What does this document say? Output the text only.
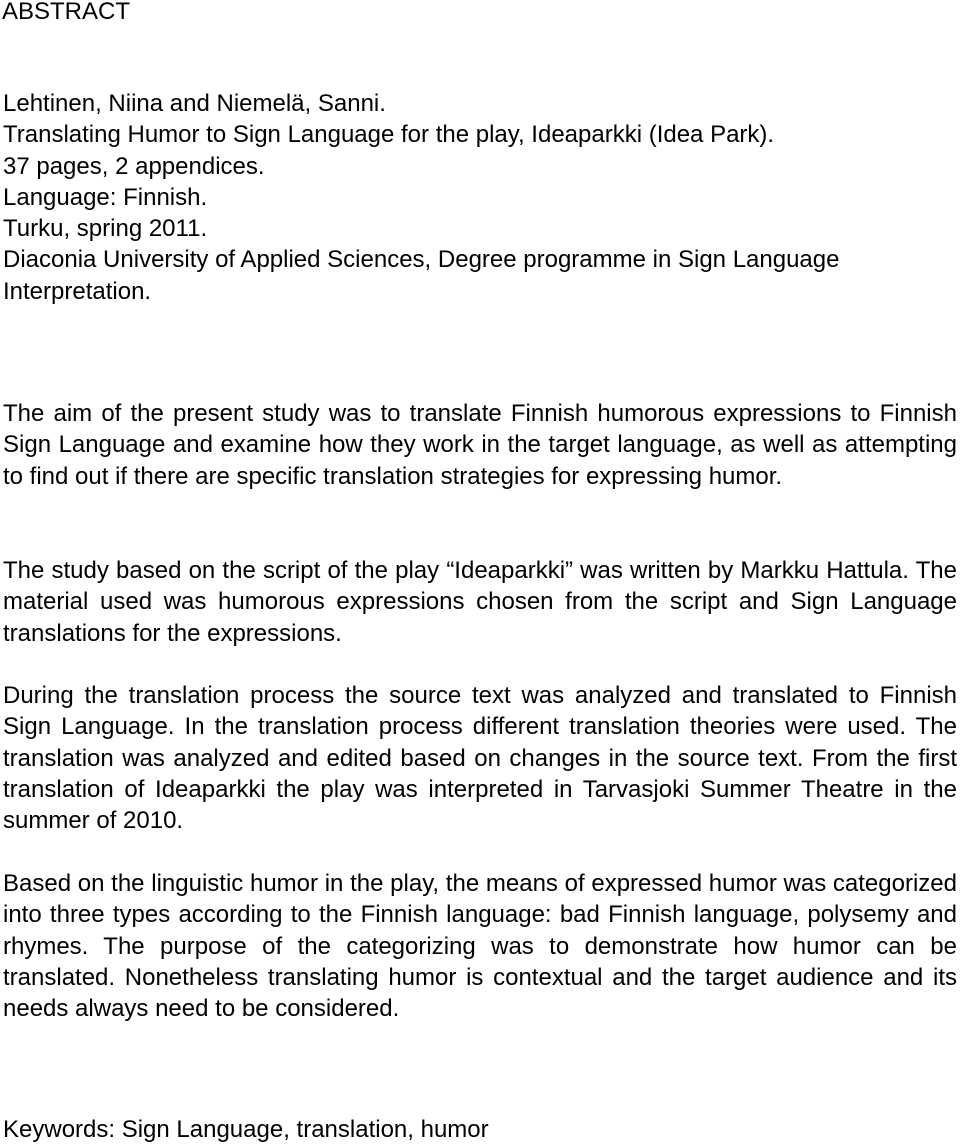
ABSTRACT
Lehtinen, Niina and Niemelä, Sanni.
Translating Humor to Sign Language for the play, Ideaparkki (Idea Park).
37 pages, 2 appendices.
Language: Finnish.
Turku, spring 2011.
Diaconia University of Applied Sciences, Degree programme in Sign Language
Interpretation.

The aim of the present study was to translate Finnish humorous expressions to Finnish Sign Language and examine how they work in the target language, as well as attempting to find out if there are specific translation strategies for expressing humor.

The study based on the script of the play “Ideaparkki” was written by Markku Hattula. The material used was humorous expressions chosen from the script and Sign Language translations for the expressions.

During the translation process the source text was analyzed and translated to Finnish Sign Language. In the translation process different translation theories were used. The translation was analyzed and edited based on changes in the source text. From the first translation of Ideaparkki the play was interpreted in Tarvasjoki Summer Theatre in the summer of 2010.

Based on the linguistic humor in the play, the means of expressed humor was categorized into three types according to the Finnish language: bad Finnish language, polysemy and rhymes. The purpose of the categorizing was to demonstrate how humor can be translated. Nonetheless translating humor is contextual and the target audience and its needs always need to be considered.

Keywords: Sign Language, translation, humor
